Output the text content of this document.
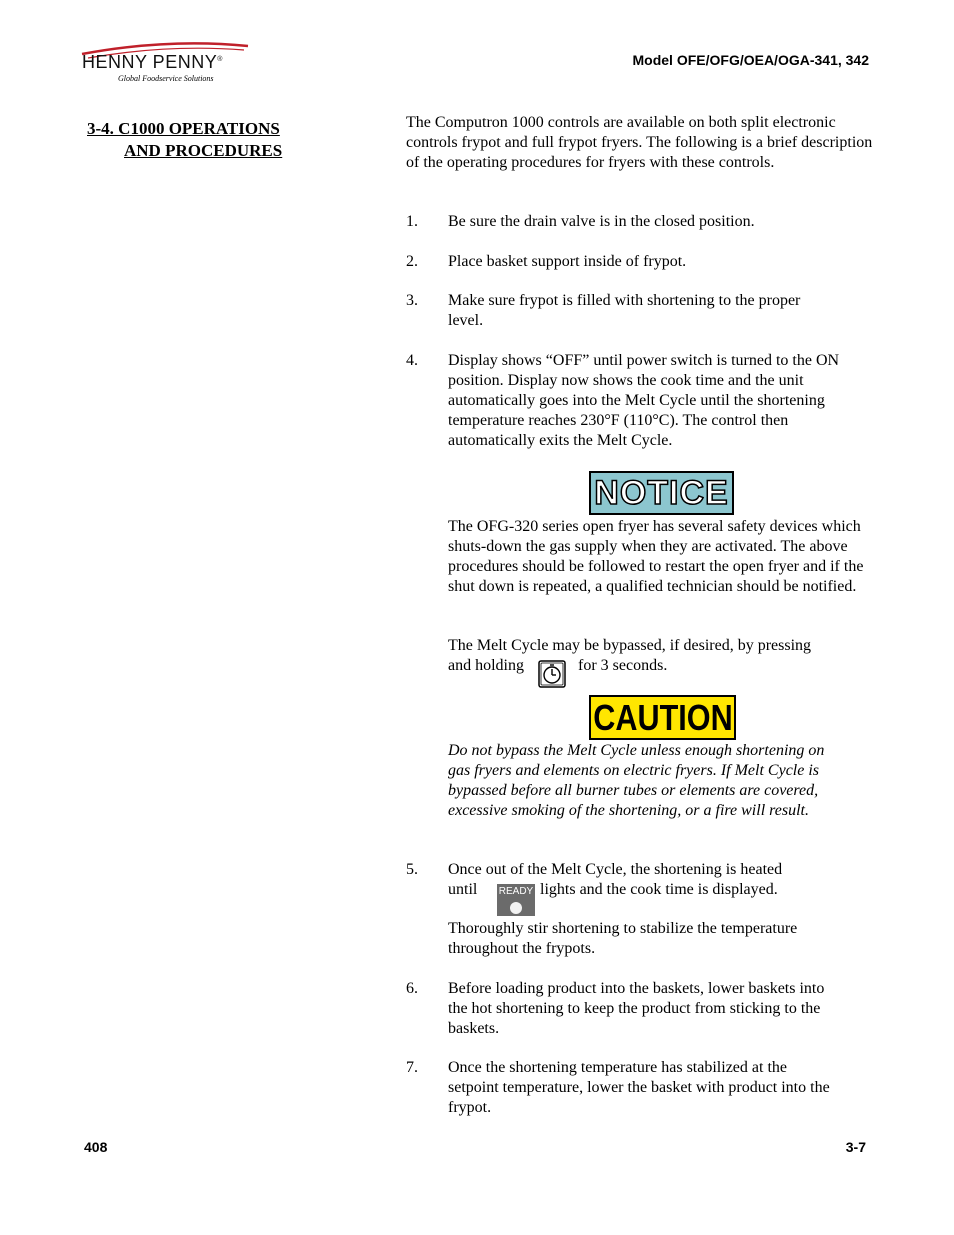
HENNY PENNY®
Global Foodservice Solutions
Model OFE/OFG/OEA/OGA-341, 342
3-4. C1000 OPERATIONS
AND PROCEDURES

The Computron 1000 controls are available on both split electronic controls frypot and full frypot fryers. The following is a brief description of the operating procedures for fryers with these controls.

1. Be sure the drain valve is in the closed position.

2. Place basket support inside of frypot.

3. Make sure frypot is filled with shortening to the proper level.

4. Display shows “OFF” until power switch is turned to the ON position. Display now shows the cook time and the unit automatically goes into the Melt Cycle until the shortening temperature reaches 230°F (110°C). The control then automatically exits the Melt Cycle.

NOTICE

The OFG-320 series open fryer has several safety devices which shuts-down the gas supply when they are activated. The above procedures should be followed to restart the open fryer and if the shut down is repeated, a qualified technician should be notified.

The Melt Cycle may be bypassed, if desired, by pressing

and holding	for 3 seconds.
CAUTION

Do not bypass the Melt Cycle unless enough shortening on gas fryers and elements on electric fryers. If Melt Cycle is bypassed before all burner tubes or elements are covered, excessive smoking of the shortening, or a fire will result.

5. Once out of the Melt Cycle, the shortening is heated

until READY lights and the cook time is displayed.

Thoroughly stir shortening to stabilize the temperature throughout the frypots.

6. Before loading product into the baskets, lower baskets into the hot shortening to keep the product from sticking to the baskets.

7. Once the shortening temperature has stabilized at the setpoint temperature, lower the basket with product into the frypot.

408	3-7
